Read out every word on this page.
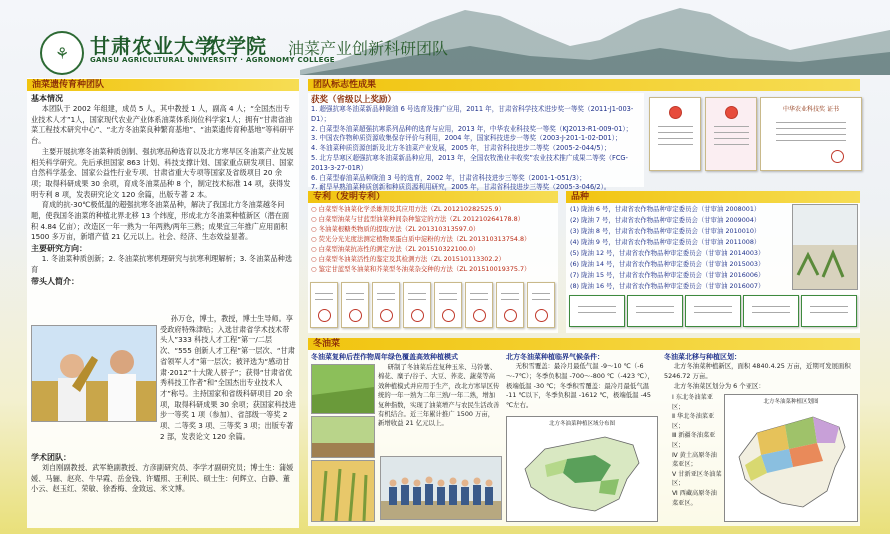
⚘	甘肃农业大学
农学院
GANSU AGRICULTURAL UNIVERSITY · AGRONOMY COLLEGE
油菜产业创新科研团队
油菜遗传育种团队
基本情况
本团队于 2002 年组建，成员 5 人，其中教授 1 人，副高 4 人；“全国杰出专业技术人才”1人，国家现代农业产业体系油菜体系岗位科学家1人；拥有“甘肃省油菜工程技术研究中心”、“北方冬油菜良种繁育基地”、“油菜遗传育种基地”等科研平台。
主要开展抗寒冬油菜种质创制、强抗寒品种选育以及北方寒旱区冬油菜产业发展相关科学研究。先后承担国家 863 计划、科技支撑计划、国家重点研发项目、国家自然科学基金、国家公益性行业专项、甘肃省重大专项等国家及省级项目 20 余项；取得科研成果 30 余项，育成冬油菜品种 8 个，制定技术标准 14 项，获得发明专利 8 项，发表研究论文 120 余篇，出版专著 2 本。
育成的抗-30℃极低温的超强抗寒冬油菜品种，解决了我国北方冬油菜越冬问题，使我国冬油菜的种植北界北移 13 个纬度，形成北方冬油菜种植新区（潜在面积 4.84 亿亩）；改造区一年一熟为一年两熟/两年三熟；成果宜三年推广应用面积 1500 多万亩，新增产值 21 亿元以上。社会、经济、生态效益显著。
主要研究方向：
1. 冬油菜种质创新；2. 冬油菜抗寒机理研究与抗寒利理解析；3. 冬油菜品种选育
带头人简介：
孙万仓，博士，教授，博士生导师。享受政府特殊津贴；入选甘肃省学术技术带头人”333 科技人才工程”第一/二层次、“555 创新人才工程”第一层次、“甘肃省领军人才”第一层次；被评选为“感动甘肃·2012”十大陇人骄子”；获得“甘肃省优秀科技工作者”和“全国杰出专业技术人才”称号。主持国家和省级科研项目 20 余项，取得科研成果 30 余项；获国家科技进步一等奖 1 项（参加）、省部级一等奖 2 项、二等奖 3 项、三等奖 3 项；出版专著 2 部，发表论文 120 余篇。
学术团队：
刘自刚副教授、武军艳副教授、方彦副研究员、李学才副研究员；博士生：蒲媛媛、马骊、赵亮、牛早霞、岳金钱、许耀照、王利民、硕士生：何辉立、白静、董小云、赵玉红、荣敏、徐香梅、金致远、米文博。
团队标志性成果
获奖（省级以上奖励）
1. 超强抗寒冬油菜新品种陇油 6 号选育及推广应用，2011 年，甘肃省科学技术进步奖一等奖（2011-J1-003-D1）；
2. 白菜型冬油菜超强抗寒系列品种的选育与应用，2013 年，中华农业科技奖一等奖（KJ2013-R1-009-01）；
3. 中国农作物种质资源收集保存评价与利用，2004 年，国家科技进步一等奖（2003-J-201-1-02-D01）；
4. 冬油菜种质资源创新及北方冬油菜产业发展，2005 年，甘肃省科技进步二等奖（2005-2-044/5）；
5. 北方旱寒区超强抗寒冬油菜新品种应用，2013 年，全国农牧渔业丰收奖”农业技术推广成果二等奖（FCG-2013-3-27-01R）
6. 白菜型春油菜品种陇油 3 号的选育，2002 年，甘肃省科技进步三等奖（2001-1-051/3）；
7. 耐旱早熟油菜种质创新和种质资源利用研究，2005 年，甘肃省科技进步三等奖（2005-3-046/2）。
中华农业科技奖 证书
专利（发明专利）
○ 白菜型冬油菜化学杀雄剂及其应用方法（ZL 201210282525.9）
○ 白菜型油菜与甘蓝型油菜种间杂种鉴定的方法（ZL 201210264178.8）
○ 冬油菜根糖类物质的提取方法（ZL 201310313597.0）
○ 荧光分光光度法测定植物果蛋白质中淀粉的方法（ZL 201310313754.8）
○ 白菜型油菜抗冻性的测定方法（ZL 201510322100.0）
○ 白菜型冬油菜活性的鉴定及其检测方法（ZL 201510113302.2）
○ 鉴定甘蓝型冬油菜和芥菜型冬油菜杂交种的方法（ZL 201510019375.7）
品种
(1) 陇油 6 号，甘肃省农作物品种审定委员会（甘审油 2008001）
(2) 陇油 7 号，甘肃省农作物品种审定委员会（甘审油 2009004）
(3) 陇油 8 号，甘肃省农作物品种审定委员会（甘审油 2010010）
(4) 陇油 9 号，甘肃省农作物品种审定委员会（甘审油 2011008）
(5) 陇油 12 号，甘肃省农作物品种审定委员会（甘审油 2014003）
(6) 陇油 14 号，甘肃省农作物品种审定委员会（甘审油 2015003）
(7) 陇油 15 号，甘肃省农作物品种审定委员会（甘审油 2016006）
(8) 陇油 16 号，甘肃省农作物品种审定委员会（甘审油 2016007）
冬油菜
冬油菜复种后茬作物周年绿色覆盖高效种植模式
研制了冬油菜后茬复种玉米、马铃薯、棉花、糜子/谷子、大豆、荞麦、蔬菜等高效种植模式并应用于生产，改北方寒旱区传统的一年一熟为二年三熟/一年二熟，增加复种指数，实现了油菜增产与农民生活改善有机结合。近三年累计推广 1500 万亩，新增收益 21 亿元以上。
北方冬油菜种植临界气候条件：
无积雪覆盖：最冷月最低气温 -9～10 ℃（-6～-7℃）；冬季负积温 -700～-800 ℃（-423 ℃），极端低温 -30 ℃；冬季积雪覆盖：最冷月最低气温 -11 ℃以下，冬季负积温 -1612 ℃，极端低温 -45 ℃左右。
北方冬油菜种植区域分布图
冬油菜北移与种植区划：
北方冬油菜种植新区，面积 4840.4.25 万亩，近期可发展面积 5246.72 万亩。
北方冬油菜区划分为 6 个亚区：
Ⅰ 东北冬油菜亚区；
Ⅱ 华北冬油菜亚区；
Ⅲ 新疆冬油菜亚区；
Ⅳ 黄土高原冬油菜亚区；
Ⅴ 甘新亚区冬油菜区；
Ⅵ 西藏高原冬油菜亚区。
北方冬油菜种植区划图
